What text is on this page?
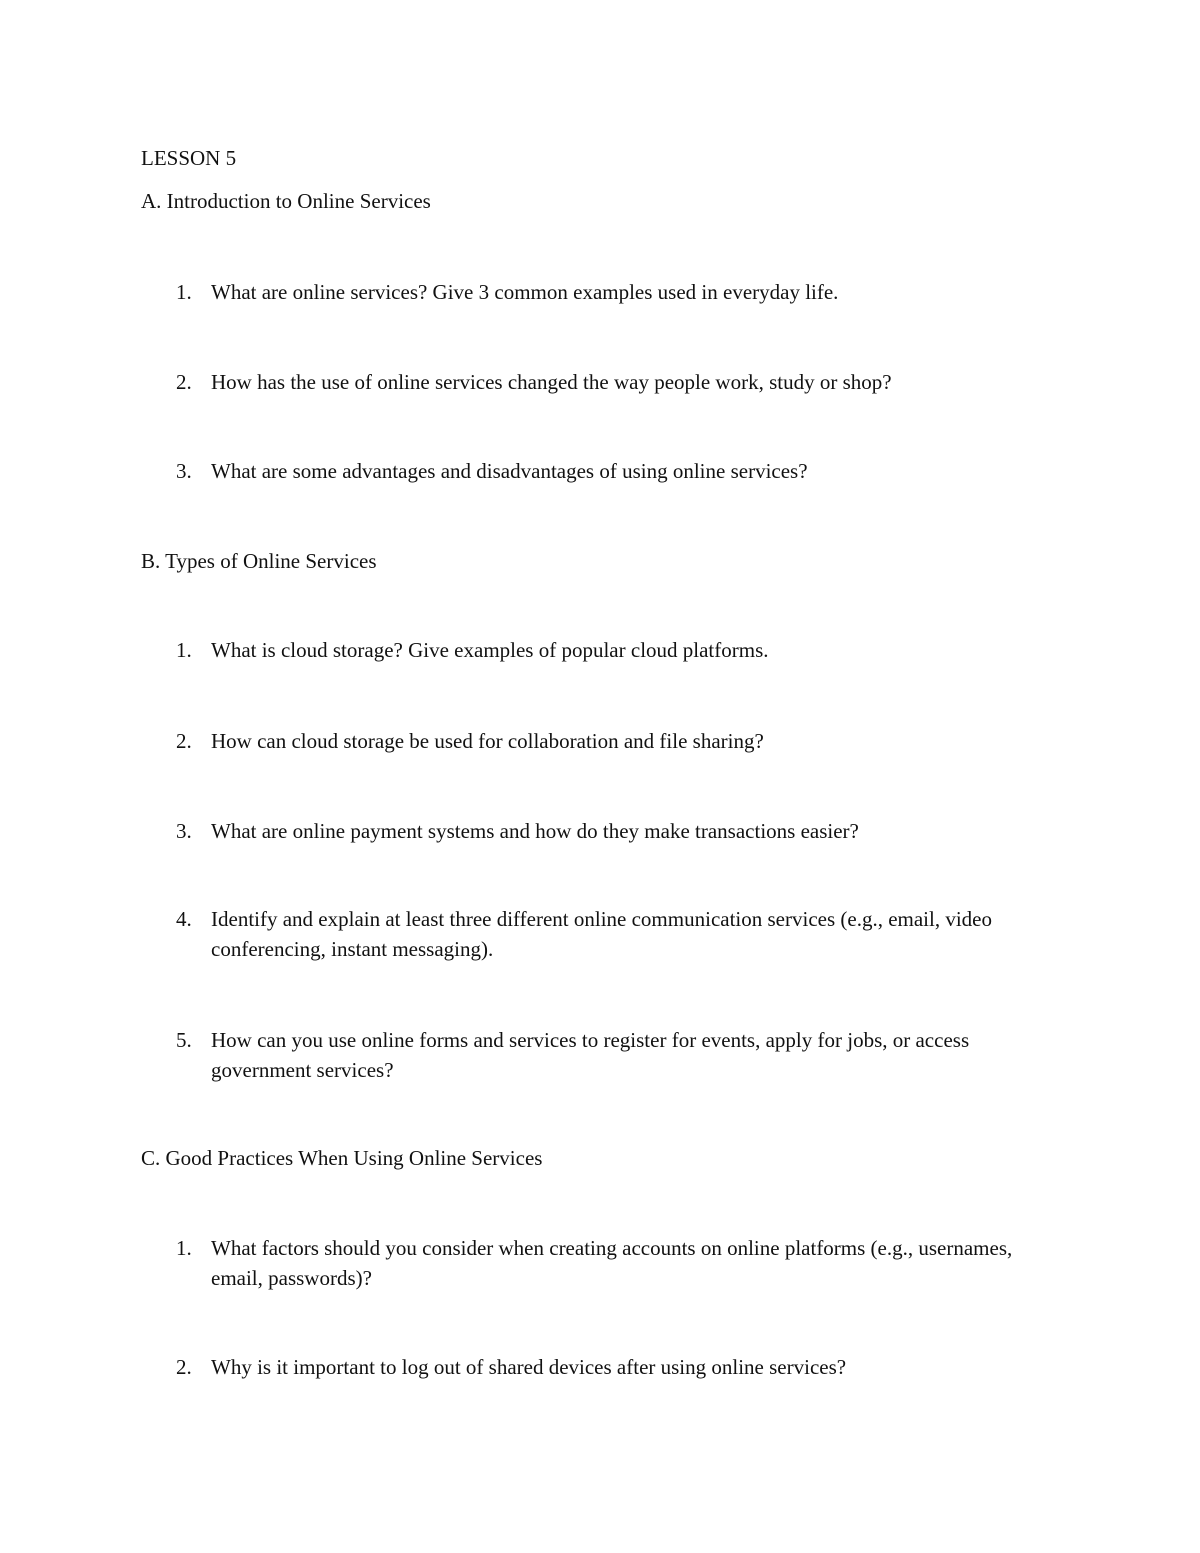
LESSON 5
A. Introduction to Online Services
1. What are online services? Give 3 common examples used in everyday life.
2. How has the use of online services changed the way people work, study or shop?
3. What are some advantages and disadvantages of using online services?
B. Types of Online Services
1. What is cloud storage? Give examples of popular cloud platforms.
2. How can cloud storage be used for collaboration and file sharing?
3. What are online payment systems and how do they make transactions easier?
4. Identify and explain at least three different online communication services (e.g., email, video conferencing, instant messaging).
5. How can you use online forms and services to register for events, apply for jobs, or access government services?
C. Good Practices When Using Online Services
1. What factors should you consider when creating accounts on online platforms (e.g., usernames, email, passwords)?
2. Why is it important to log out of shared devices after using online services?
